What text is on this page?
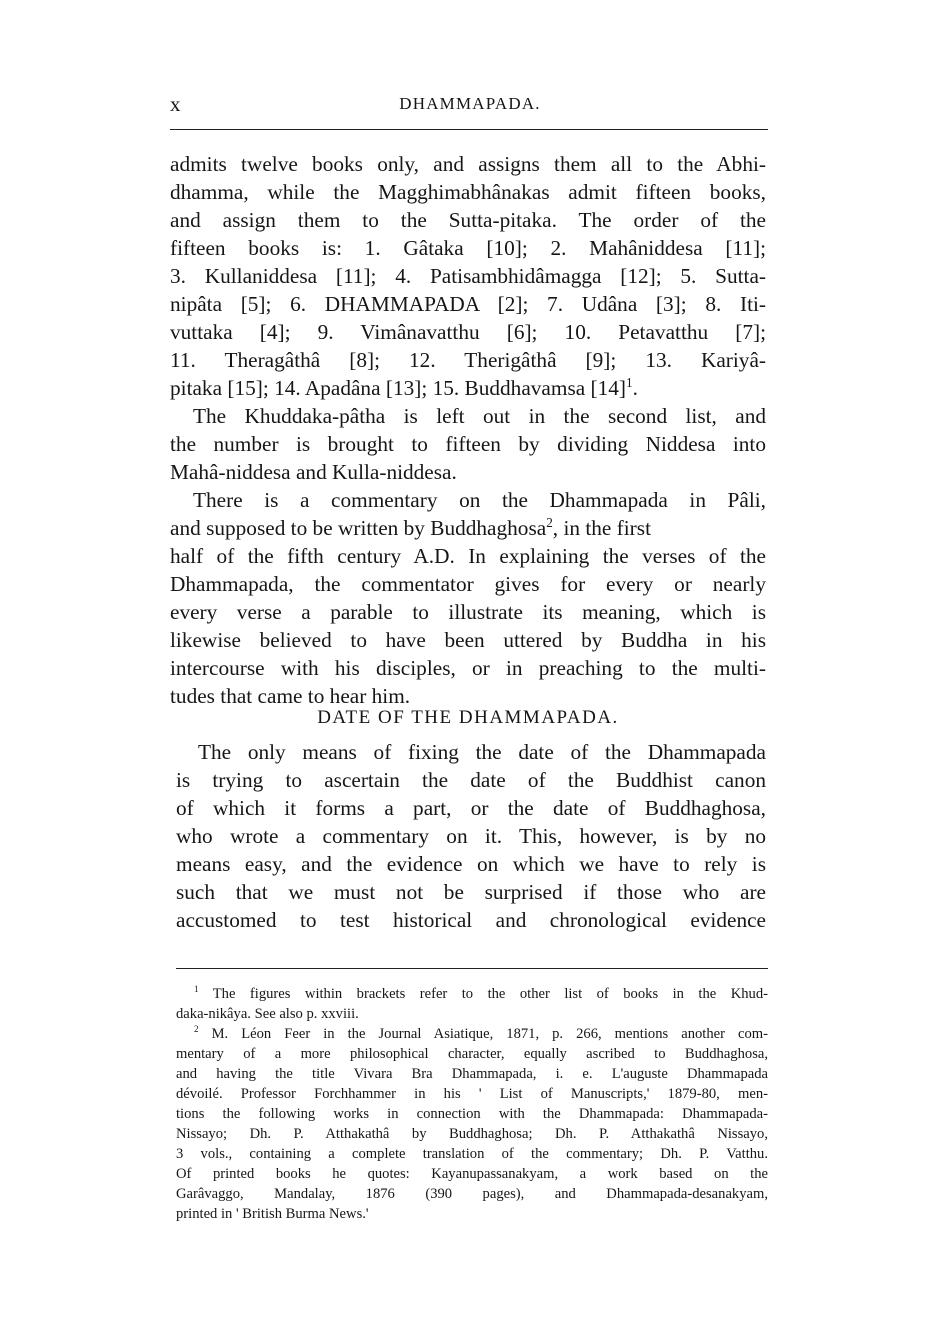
x	DHAMMAPADA.
admits twelve books only, and assigns them all to the Abhi-
dhamma, while the Magghimabhânakas admit fifteen books,
and assign them to the Sutta-pitaka. The order of the
fifteen books is: 1. Gâtaka [10]; 2. Mahâniddesa [11];
3. Kullaniddesa [11]; 4. Patisambhidâmagga [12]; 5. Sutta-
nipâta [5]; 6. DHAMMAPADA [2]; 7. Udâna [3]; 8. Iti-
vuttaka [4]; 9. Vimânavatthu [6]; 10. Petavatthu [7];
11. Theragâthâ [8]; 12. Therigâthâ [9]; 13. Kariyâ-
pitaka [15]; 14. Apadâna [13]; 15. Buddhavamsa $[14]^1$.
The Khuddaka-pâtha is left out in the second list, and
the number is brought to fifteen by dividing Niddesa into
Mahâ-niddesa and Kulla-niddesa.
There is a commentary on the Dhammapada in Pâli,
and supposed to be written by Buddhaghosa$^2$, in the first
half of the fifth century A.D. In explaining the verses of the
Dhammapada, the commentator gives for every or nearly
every verse a parable to illustrate its meaning, which is
likewise believed to have been uttered by Buddha in his
intercourse with his disciples, or in preaching to the multi-
tudes that came to hear him.
DATE OF THE DHAMMAPADA.
The only means of fixing the date of the Dhammapada
is trying to ascertain the date of the Buddhist canon
of which it forms a part, or the date of Buddhaghosa,
who wrote a commentary on it. This, however, is by no
means easy, and the evidence on which we have to rely is
such that we must not be surprised if those who are
accustomed to test historical and chronological evidence
$^1$ The figures within brackets refer to the other list of books in the Khud-
daka-nikâya. See also p. xxviii.
$^2$ M. Léon Feer in the Journal Asiatique, 1871, p. 266, mentions another com-
mentary of a more philosophical character, equally ascribed to Buddhaghosa,
and having the title Vivara Bra Dhammapada, i. e. L'auguste Dhammapada
dévoilé. Professor Forchhammer in his ' List of Manuscripts,' 1879-80, men-
tions the following works in connection with the Dhammapada: Dhammapada-
Nissayo; Dh. P. Atthakathâ by Buddhaghosa; Dh. P. Atthakathâ Nissayo,
3 vols., containing a complete translation of the commentary; Dh. P. Vatthu.
Of printed books he quotes: Kayanupassanakyam, a work based on the
Garâvaggo, Mandalay, 1876 (390 pages), and Dhammapada-desanakyam,
printed in ' British Burma News.'
